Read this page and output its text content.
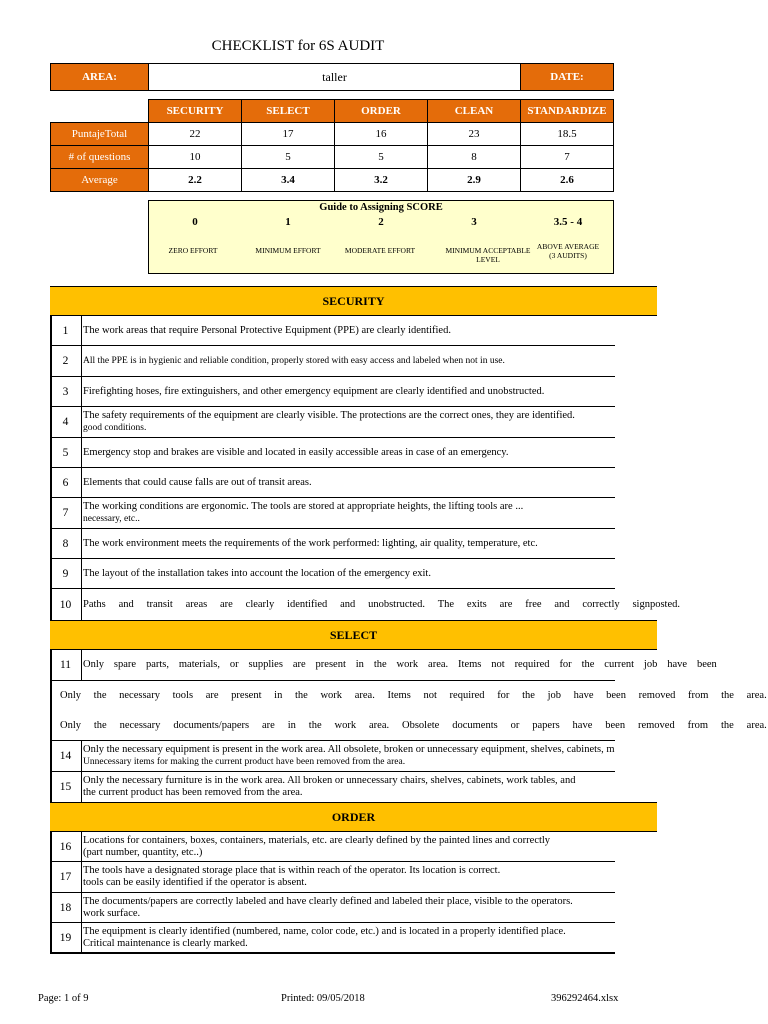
CHECKLIST for 6S AUDIT
AREA:	taller				DATE:

	SECURITY	SELECT	ORDER	CLEAN	STANDARDIZE
PuntajeTotal	22	17	16	23	18.5
# of questions	10	5	5	8	7
Average	2.2	3.4	3.2	2.9	2.6
Guide to Assigning SCORE
0	1	2	3	3.5 - 4
ZERO EFFORT	MINIMUM EFFORT	MODERATE EFFORT	MINIMUM ACCEPTABLE LEVEL
ABOVE AVERAGE
(3 AUDITS)
SECURITY
1	The work areas that require Personal Protective Equipment (PPE) are clearly identified.
2	All the PPE is in hygienic and reliable condition, properly stored with easy access and labeled when not in use.
3	Firefighting hoses, fire extinguishers, and other emergency equipment are clearly identified and unobstructed.
4
The safety requirements of the equipment are clearly visible. The protections are the correct ones, they are identified.
good conditions.
5	Emergency stop and brakes are visible and located in easily accessible areas in case of an emergency.
6	Elements that could cause falls are out of transit areas.
7
The working conditions are ergonomic. The tools are stored at appropriate heights, the lifting tools are ...
necessary, etc..
8	The work environment meets the requirements of the work performed: lighting, air quality, temperature, etc.
9	The layout of the installation takes into account the location of the emergency exit.
10	Paths and transit areas are clearly identified and unobstructed. The exits are free and correctly signposted.
SELECT
11	Only spare parts, materials, or supplies are present in the work area. Items not required for the current job have been
Only the necessary tools are present in the work area. Items not required for the job have been removed from the area.
Only the necessary documents/papers are in the work area. Obsolete documents or papers have been removed from the area.
14
Only the necessary equipment is present in the work area. All obsolete, broken or unnecessary equipment, shelves, cabinets, m
Unnecessary items for making the current product have been removed from the area.
15
Only the necessary furniture is in the work area. All broken or unnecessary chairs, shelves, cabinets, work tables, and
the current product has been removed from the area.
ORDER
16
Locations for containers, boxes, containers, materials, etc. are clearly defined by the painted lines and correctly
(part number, quantity, etc..)
17
The tools have a designated storage place that is within reach of the operator. Its location is correct.
tools can be easily identified if the operator is absent.
18
The documents/papers are correctly labeled and have clearly defined and labeled their place, visible to the operators.
work surface.
19
The equipment is clearly identified (numbered, name, color code, etc.) and is located in a properly identified place.
Critical maintenance is clearly marked.
Page: 1 of 9	Printed: 09/05/2018	396292464.xlsx
